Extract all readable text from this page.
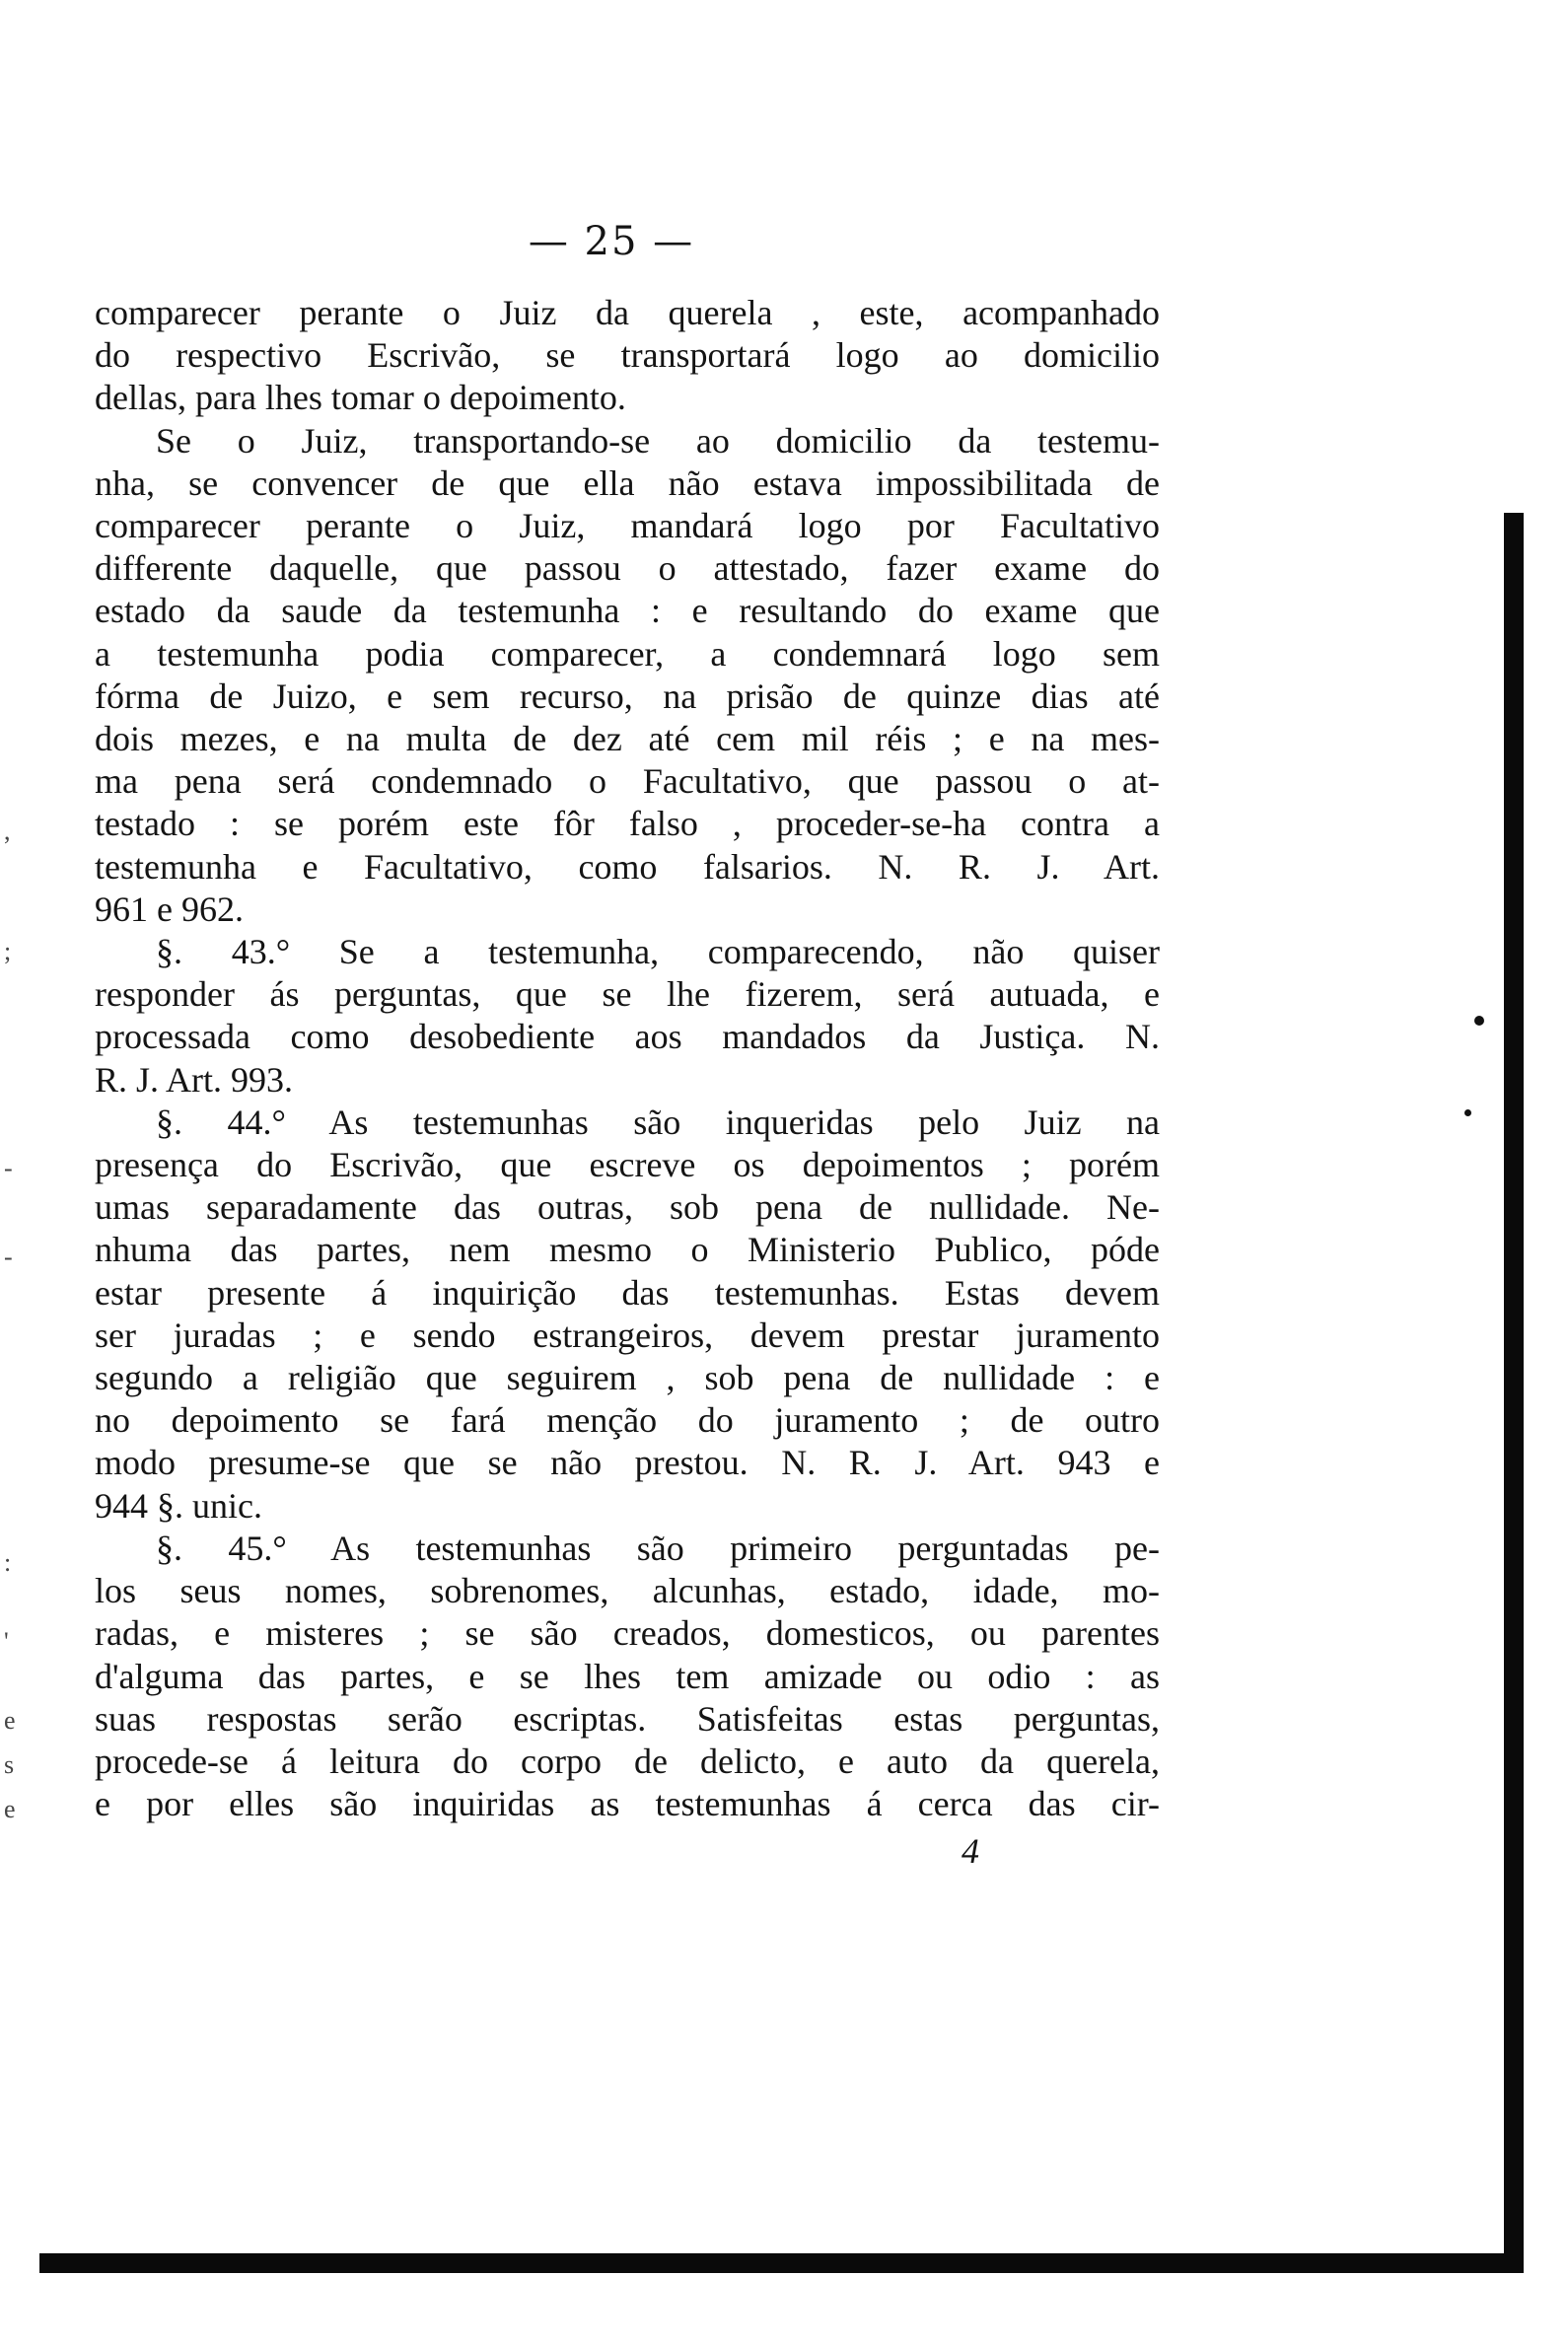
— 25 —
comparecer perante o Juiz da querela , este, acompanhado
do respectivo Escrivão, se transportará logo ao domicilio
dellas, para lhes tomar o depoimento.
Se o Juiz, transportando-se ao domicilio da testemu-
nha, se convencer de que ella não estava impossibilitada de
comparecer perante o Juiz, mandará logo por Facultativo
differente daquelle, que passou o attestado, fazer exame do
estado da saude da testemunha : e resultando do exame que
a testemunha podia comparecer, a condemnará logo sem
fórma de Juizo, e sem recurso, na prisão de quinze dias até
dois mezes, e na multa de dez até cem mil réis ; e na mes-
ma pena será condemnado o Facultativo, que passou o at-
testado : se porém este fôr falso , proceder-se-ha contra a
testemunha e Facultativo, como falsarios. N. R. J. Art.
961 e 962.
§. 43.° Se a testemunha, comparecendo, não quiser
responder ás perguntas, que se lhe fizerem, será autuada, e
processada como desobediente aos mandados da Justiça. N.
R. J. Art. 993.
§. 44.° As testemunhas são inqueridas pelo Juiz na
presença do Escrivão, que escreve os depoimentos ; porém
umas separadamente das outras, sob pena de nullidade. Ne-
nhuma das partes, nem mesmo o Ministerio Publico, póde
estar presente á inquirição das testemunhas. Estas devem
ser juradas ; e sendo estrangeiros, devem prestar juramento
segundo a religião que seguirem , sob pena de nullidade : e
no depoimento se fará menção do juramento ; de outro
modo presume-se que se não prestou. N. R. J. Art. 943 e
944 §. unic.
§. 45.° As testemunhas são primeiro perguntadas pe-
los seus nomes, sobrenomes, alcunhas, estado, idade, mo-
radas, e misteres ; se são creados, domesticos, ou parentes
d'alguma das partes, e se lhes tem amizade ou odio : as
suas respostas serão escriptas. Satisfeitas estas perguntas,
procede-se á leitura do corpo de delicto, e auto da querela,
e por elles são inquiridas as testemunhas á cerca das cir-
4
,
;
-
-
:
'
e
s
e
